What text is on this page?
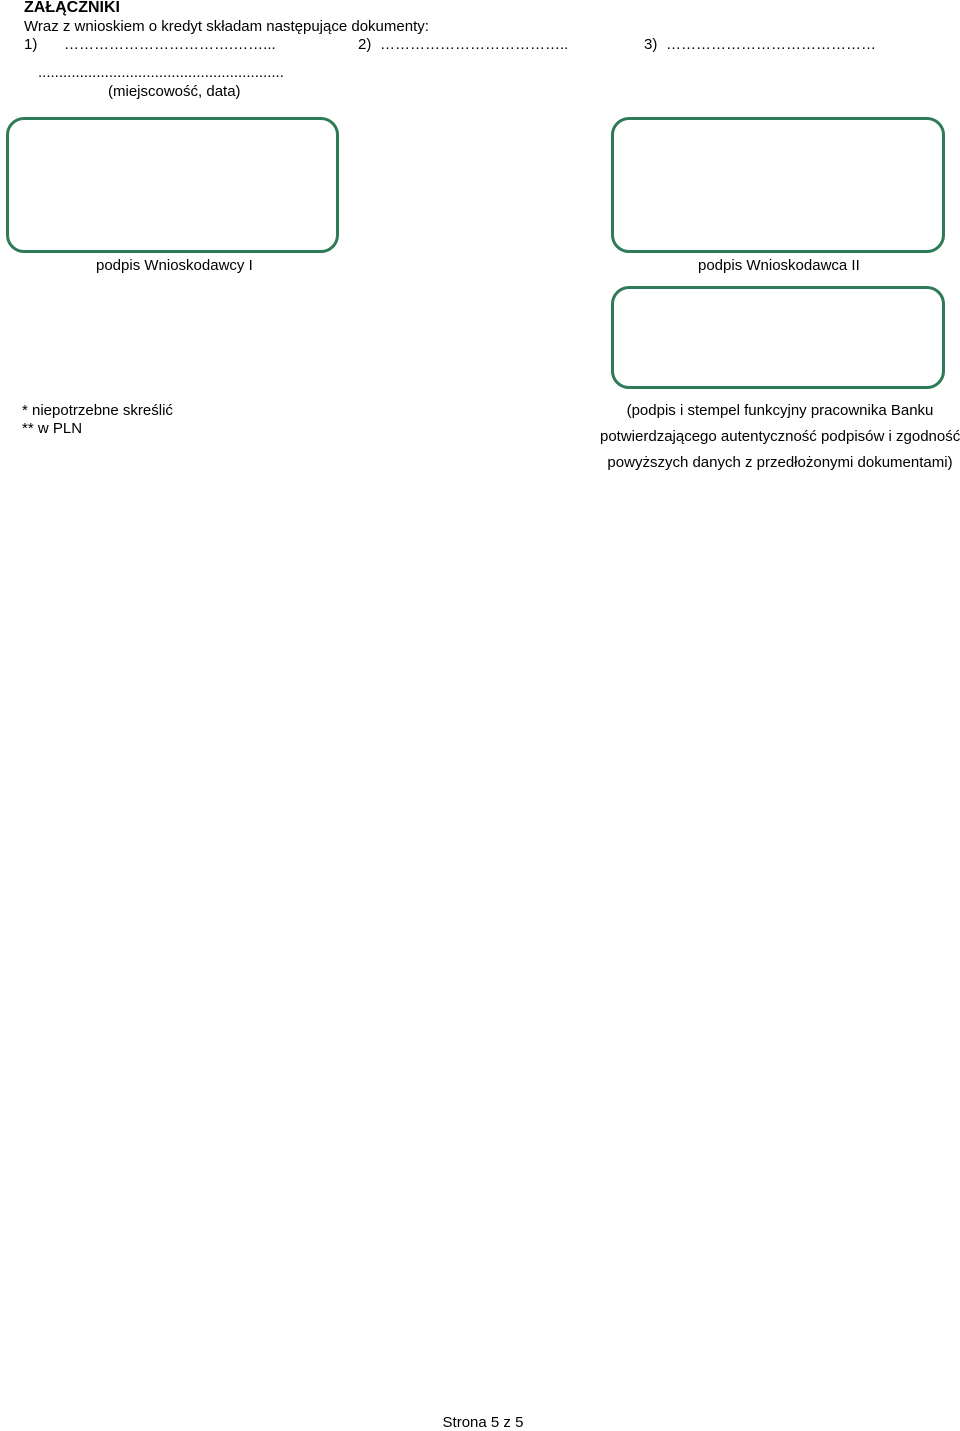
ZAŁĄCZNIKI
Wraz z wnioskiem o kredyt składam następujące dokumenty:
1) …………………………….……...	2) ………………………………..	3) ……………………………………
...........................................................
(miejscowość, data)
podpis Wnioskodawcy I	podpis Wnioskodawca II
* niepotrzebne skreślić
** w PLN
(podpis i stempel funkcyjny pracownika Banku
potwierdzającego autentyczność podpisów i zgodność
powyższych danych z przedłożonymi dokumentami)
Strona 5 z 5
